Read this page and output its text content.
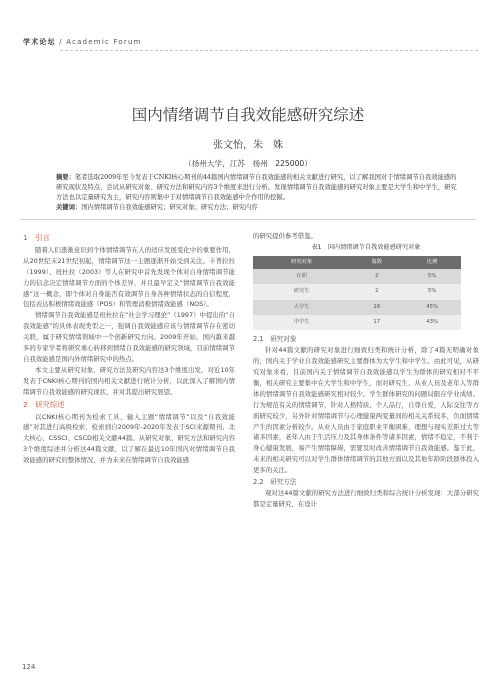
学术论坛 / Academic Forum
国内情绪调节自我效能感研究综述
张文怡，朱　姝
（扬州大学，江苏　扬州　225000）
摘要：笔者选取2009年至今发表于CNKI核心期刊的44篇国内情绪调节自我效能感的相关文献进行研究，以了解我国对于情绪调节自我效能感的研究现状及特点，尝试从研究对象、研究方法和研究内容3个维度来进行分析。发现情绪调节自我效能感的研究对象主要是大学生和中学生，研究方法也以定量研究为主，研究内容则集中于对情绪调节自我效能感中介作用的挖掘。
关键词：国内情绪调节自我效能感研究；研究对象；研究方法；研究内容
1　引言

随着人们逐渐意识到个体情绪调节在人的适应发展变化中的重要作用，从20世纪末21世纪初起，情绪调节这一主题逐渐开始受到关注。卡普拉拉（1999）、班杜拉（2003）等人在研究中首先发现个体对自身情绪调节能力的信念决定情绪调节方面的个体差异，并且最早定义“情绪调节自我效能感”这一概念，即个体对自身能否有效调节自身各种情绪状态的自信程度，包括表达积极情绪效能感（POS）和管理消极情绪效能感（NOS）。

情绪调节自我效能感是班杜拉在“社会学习理论”（1997）中提出的“自我效能感”的具体表现类型之一，强调自我效能感应该与情绪调节存在密切关联，属于研究情绪领域中一个创新研究方向。2009年开始，国内越来越多的专家学者将研究重心转移到情绪自我效能感的研究领域，目前情绪调节自我效能感是国内外情绪研究中的热点。

本文主要从研究对象、研究方法及研究内容这3个维度出发，对近10年发表于CNKI核心期刊的国内相关文献进行统计分析，以此深入了解国内情绪调节自我效能感的研究现状，并对其提出研究展望。

2　研究综述

以CNKI核心期刊为检索工具，输入主题“情绪调节”以及“自我效能感”对其进行高级检索，检索到自2009年-2020年发表于SCI来源期刊、北大核心、CSSCI、CSCD相关文献44篇。从研究对象、研究方法和研究内容3个维度综述并分析这44篇文献，以了解在最近10年国内对情绪调节自我效能感的研究的整体情况，并为未来在情绪调节自我效能感

的研究提供参考借鉴。
表1　国内情绪调节自我效能感研究对象
研究对象	篇数	比例
在职	2	5%
研究生	2	5%
大学生	18	45%
中学生	17	43%
2.1　研究对象

针对44篇文献的研究对象进行细致归类和统计分析，除了4篇无明确对象的，国内关于学业自我效能感研究主要群体为大学生和中学生。由此可见，从研究对象来看，目前国内关于情绪调节自我效能感以学生为群体的研究相对不平衡，相关研究主要集中在大学生和中学生，而对研究生、从业人员及老年人等群体的情绪调节自我效能感研究相对较少。学生群体研究的问题局限在学业成绩、行为规范有关的情绪调节，针对人格特质、个人品行，自尊自爱，人际交往等方面研究较少，另外针对情绪调节与心理健康两变量间的相关关系较多，负面情绪产生的因素分析较少。从业人员由于家庭职业平衡困难、理想与现实差距过大等诸多因素，老年人由于生活压力及其身体条件等诸多因素，情绪不稳定，不利于身心健康发展，易产生情绪障碍，需要及时改善情绪调节自我效能感。鉴于此，未来的相关研究可以对学生群体情绪调节的其他方面以及其他年龄阶段群体投入更多的关注。

2.2　研究方法

观对这44篇文献的研究方法进行细致归类和综合统计分析发现：大部分研究都是定量研究，在设计

124
